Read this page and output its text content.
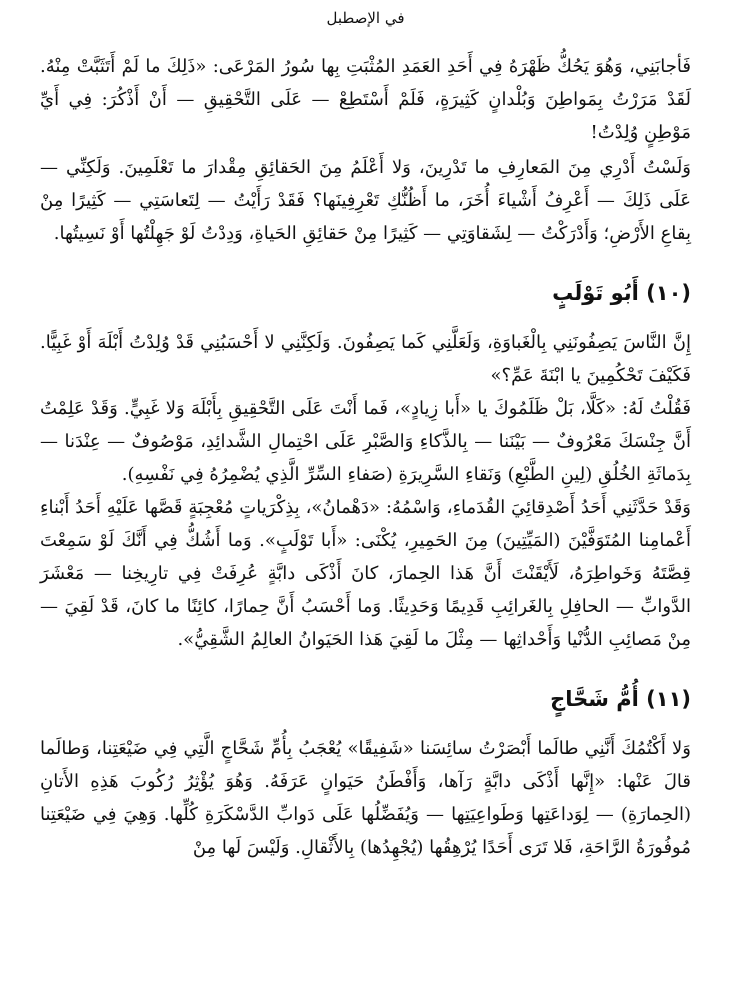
في الإصطبل

فَأجابَنِي، وَهُوَ يَحُكُّ ظَهْرَهُ فِي أَحَدِ العَمَدِ المُثْبَتِ بِها سُورُ المَرْعَى: «ذَلِكَ ما لَمْ أَتَثَبَّتْ مِنْهُ. لَقَدْ مَرَرْتُ بِمَواطِنَ وَبُلْدانٍ كَثِيرَةٍ، فَلَمْ أَسْتَطِعْ — عَلَى التَّحْقِيقِ — أَنْ أَذْكُرَ: فِي أَيِّ مَوْطِنٍ وُلِدْتُ!

وَلَسْتُ أَدْرِي مِنَ المَعارِفِ ما تَدْرِينَ، وَلا أَعْلَمُ مِنَ الحَقائِقِ مِقْدارَ ما تَعْلَمِينَ. وَلَكِنِّي — عَلَى ذَلِكَ — أَعْرِفُ أَشْياءَ أُخَرَ، ما أَظُنُّكِ تَعْرِفِينَها؟ فَقَدْ رَأَيْتُ — لِتَعاسَتِي — كَثِيرًا مِنْ بِقاعِ الأَرْضِ؛ وَأَدْرَكْتُ — لِشَقاوَتِي — كَثِيرًا مِنْ حَقائِقِ الحَياةِ، وَدِدْتُ لَوْ جَهِلْتُها أَوْ نَسِيتُها.

(١٠) أَبُو تَوْلَبٍ

إِنَّ النَّاسَ يَصِفُونَنِي بِالْغَباوَةِ، وَلَعَلَّنِي كَما يَصِفُونَ. وَلَكِنَّنِي لا أَحْسَبُنِي قَدْ وُلِدْتُ أَبْلَهَ أَوْ غَبِيًّا. فَكَيْفَ تَحْكُمِينَ يا ابْنَةَ عَمِّ؟»

فَقُلْتُ لَهُ: «كَلَّا، بَلْ ظَلَمُوكَ يا «أَبا زِيادٍ»، فَما أَنْتَ عَلَى التَّحْقِيقِ بِأَبْلَهَ وَلا غَبِيٍّ. وَقَدْ عَلِمْتُ أَنَّ جِنْسَكَ مَعْرُوفٌ — بَيْنَنا — بِالذَّكاءِ وَالصَّبْرِ عَلَى احْتِمالِ الشَّدائِدِ، مَوْصُوفٌ — عِنْدَنا — بِدَماثَةِ الخُلُقِ (لِينِ الطَّبْعِ) وَنَقاءِ السَّرِيرَةِ (صَفاءِ السِّرِّ الَّذِي يُضْمِرُهُ فِي نَفْسِهِ).

وَقَدْ حَدَّثَنِي أَحَدُ أَصْدِقائِيَ القُدَماءِ، وَاسْمُهُ: «دَهْمانُ»، بِذِكْرَياتٍ مُعْجِبَةٍ قَصَّها عَلَيْهِ أَحَدُ أَبْناءِ أَعْمامِنا المُتَوَفَّيْنَ (المَيِّتِينَ) مِنَ الحَمِيرِ، يُكْنَى: «أَبا تَوْلَبٍ». وَما أَشُكُّ فِي أَنَّكَ لَوْ سَمِعْتَ قِصَّتَهُ وَخَواطِرَهُ، لَأَيْقَنْتَ أَنَّ هَذا الحِمارَ، كانَ أَذْكَى دابَّةٍ عُرِفَتْ فِي تارِيخِنا — مَعْشَرَ الدَّوابِّ — الحافِلِ بِالغَرائِبِ قَدِيمًا وَحَدِيثًا. وَما أَحْسَبُ أَنَّ حِمارًا، كائِنًا ما كانَ، قَدْ لَقِيَ — مِنْ مَصائِبِ الدُّنْيا وَأَحْداثِها — مِثْلَ ما لَقِيَ هَذا الحَيَوانُ العالِمُ الشَّقِيُّ».

(١١) أُمُّ شَحَّاجٍ

وَلا أَكْتُمُكَ أَنَّنِي طالَما أَبْصَرْتُ سائِسَنا «شَفِيقًا» يُعْجَبُ بِأُمِّ شَحَّاجٍ الَّتِي فِي ضَيْعَتِنا، وَطالَما قالَ عَنْها: «إِنَّها أَذْكَى دابَّةٍ رَآها، وَأَفْطَنُ حَيَوانٍ عَرَفَهُ. وَهُوَ يُؤْثِرُ رُكُوبَ هَذِهِ الأَتانِ (الحِمارَةِ) — لِوَداعَتِها وَطَواعِيَتِها — وَيُفَضِّلُها عَلَى دَوابِّ الدَّسْكَرَةِ كُلِّها. وَهِيَ فِي ضَيْعَتِنا مُوفُورَةُ الرَّاحَةِ، فَلا تَرَى أَحَدًا يُرْهِقُها (يُجْهِدُها) بِالأَثْقالِ. وَلَيْسَ لَها مِنْ
